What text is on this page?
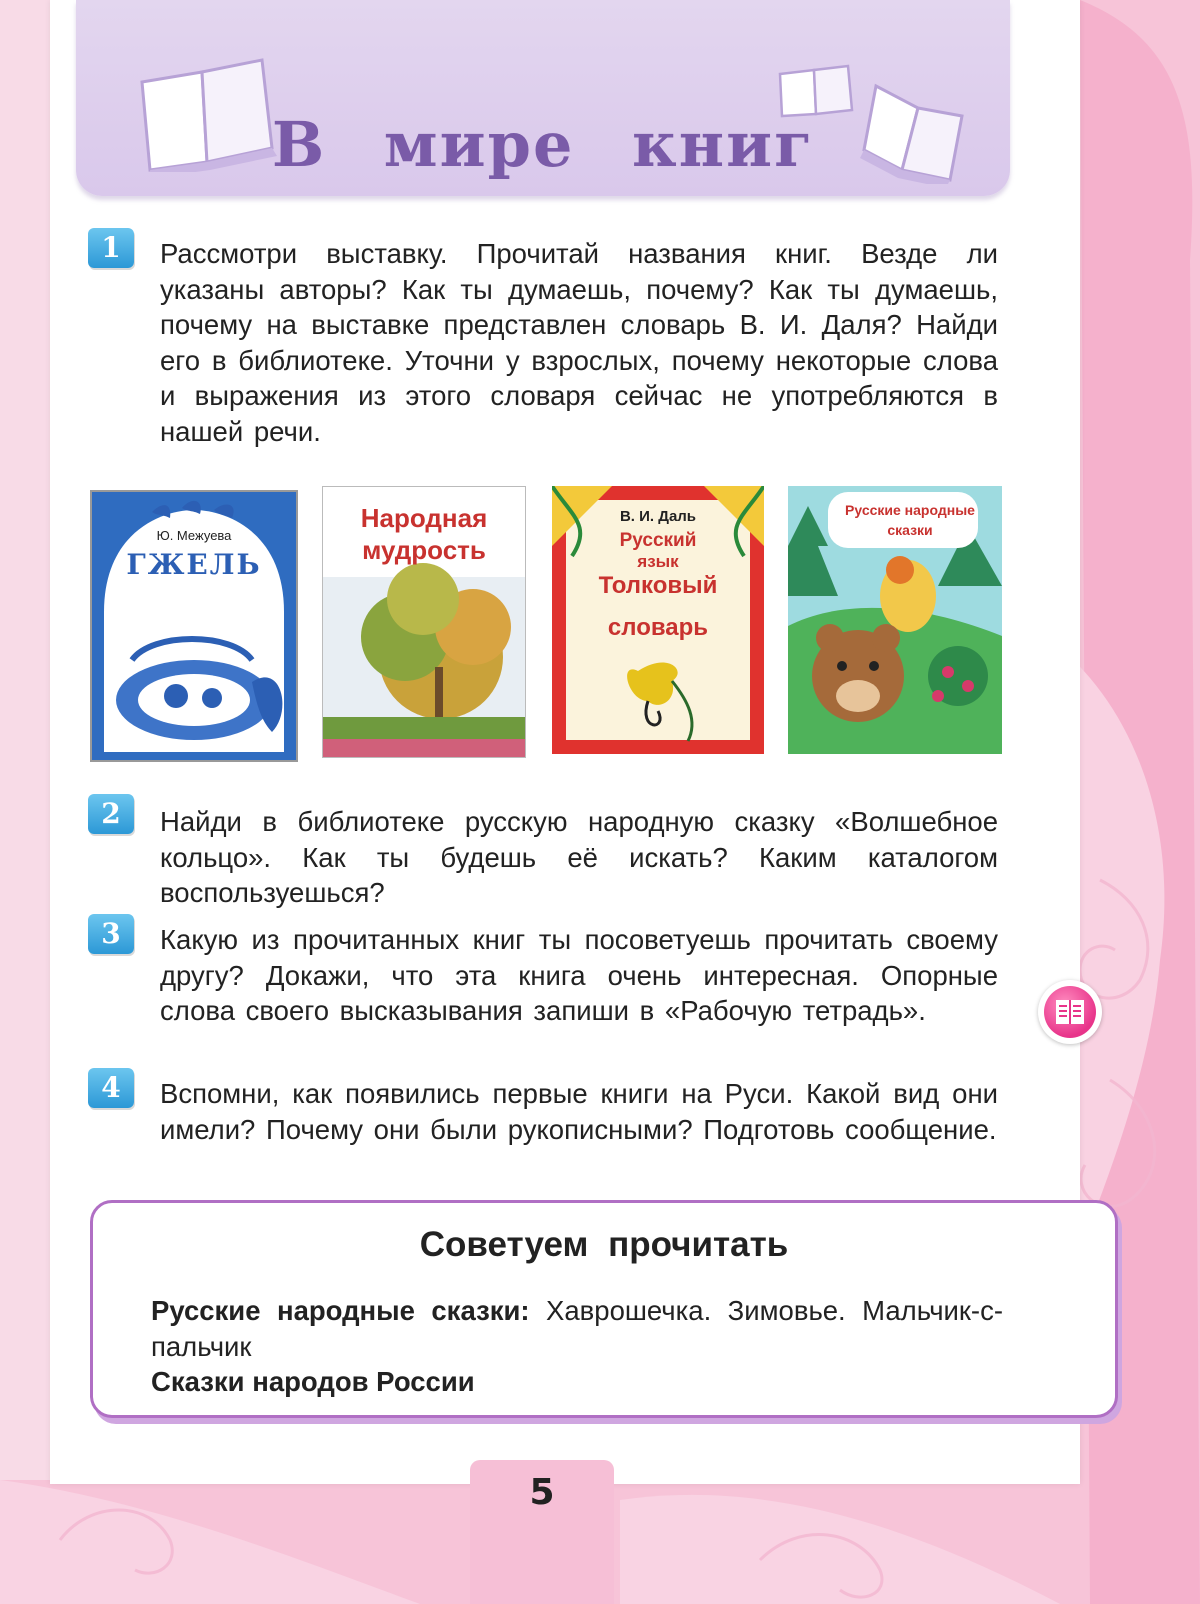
В мире книг
1	Рассмотри выставку. Прочитай названия книг. Везде ли указаны авторы? Как ты думаешь, почему? Как ты думаешь, почему на выставке представлен словарь В. И. Даля? Найди его в библиотеке. Уточни у взрослых, почему некоторые слова и выражения из этого словаря сейчас не употребляются в нашей речи.
Ю. Межуева
ГЖЕЛЬ
Народная
мудрость
В. И. Даль
Русский
язык
Толковый
словарь
Русские народные
сказки
2	Найди в библиотеке русскую народную сказку «Волшебное кольцо». Как ты будешь её искать? Каким каталогом воспользуешься?
3	Какую из прочитанных книг ты посоветуешь прочитать своему другу? Докажи, что эта книга очень интересная. Опорные слова своего высказывания запиши в «Рабочую тетрадь».
4	Вспомни, как появились первые книги на Руси. Какой вид они имели? Почему они были рукописными? Подготовь сообщение.
Советуем прочитать
Русские народные сказки: Хаврошечка. Зимовье. Мальчик-с-пальчик
Сказки народов России
5
